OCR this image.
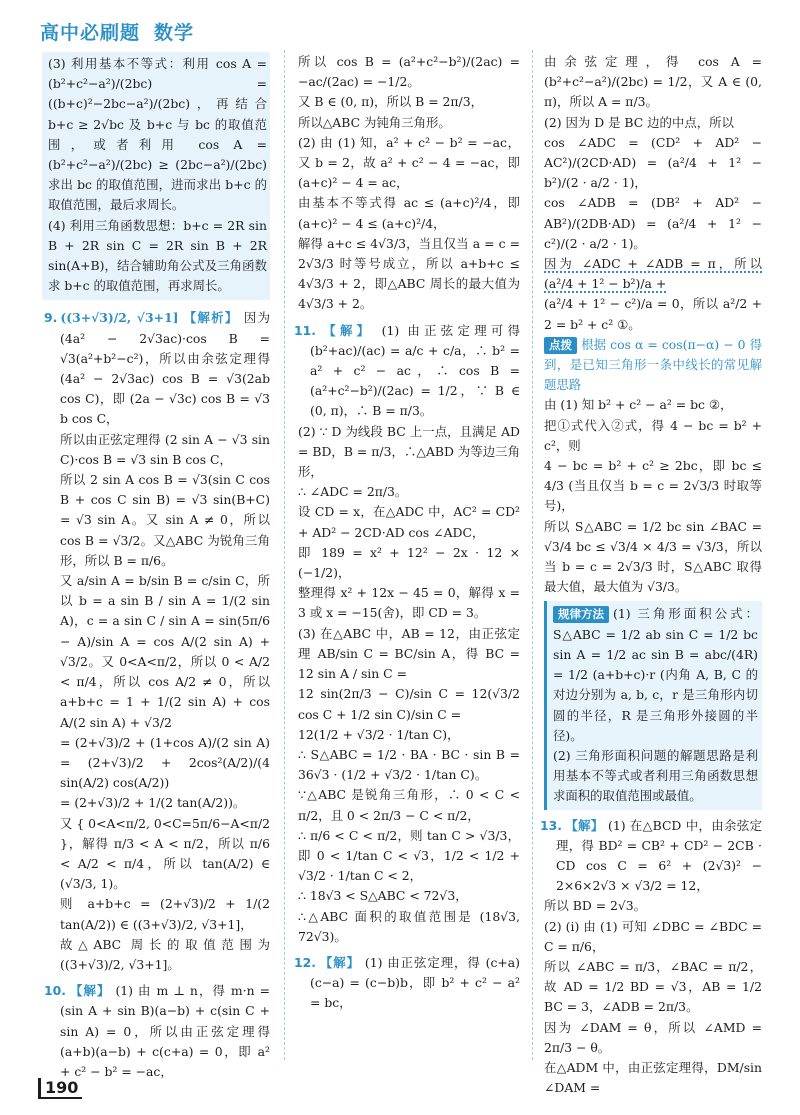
高中必刷题 数学

(3) 利用基本不等式：利用 cos A = (b²+c²−a²)/(2bc) = ((b+c)²−2bc−a²)/(2bc)，再结合 b+c ≥ 2√bc 及 b+c 与 bc 的取值范围，或者利用 cos A = (b²+c²−a²)/(2bc) ≥ (2bc−a²)/(2bc) 求出 bc 的取值范围，进而求出 b+c 的取值范围，最后求周长。

(4) 利用三角函数思想：b+c = 2R sin B + 2R sin C = 2R sin B + 2R sin(A+B)，结合辅助角公式及三角函数求 b+c 的取值范围，再求周长。

9. ((3+√3)/2, √3+1] 【解析】 因为 (4a² − 2√3ac)·cos B = √3(a²+b²−c²)，所以由余弦定理得 (4a² − 2√3ac) cos B = √3(2ab cos C)，即 (2a − √3c) cos B = √3 b cos C，

所以由正弦定理得 (2 sin A − √3 sin C)·cos B = √3 sin B cos C，

所以 2 sin A cos B = √3(sin C cos B + cos C sin B) = √3 sin(B+C) = √3 sin A。又 sin A ≠ 0，所以 cos B = √3/2。又△ABC 为锐角三角形，所以 B = π/6。

又 a/sin A = b/sin B = c/sin C，所以 b = a sin B / sin A = 1/(2 sin A)，c = a sin C / sin A = sin(5π/6 − A)/sin A = cos A/(2 sin A) + √3/2。又 0<A<π/2，所以 0 < A/2 < π/4，所以 cos A/2 ≠ 0，所以 a+b+c = 1 + 1/(2 sin A) + cos A/(2 sin A) + √3/2

= (2+√3)/2 + (1+cos A)/(2 sin A) = (2+√3)/2 + 2cos²(A/2)/(4 sin(A/2) cos(A/2))

= (2+√3)/2 + 1/(2 tan(A/2))。

又 { 0<A<π/2, 0<C=5π/6−A<π/2 }，解得 π/3 < A < π/2，所以 π/6 < A/2 < π/4，所以 tan(A/2) ∈ (√3/3, 1)。

则 a+b+c = (2+√3)/2 + 1/(2 tan(A/2)) ∈ ((3+√3)/2, √3+1]，

故△ABC 周长的取值范围为 ((3+√3)/2, √3+1]。

10. 【解】 (1) 由 m ⊥ n，得 m·n = (sin A + sin B)(a−b) + c(sin C + sin A) = 0，所以由正弦定理得 (a+b)(a−b) + c(c+a) = 0，即 a² + c² − b² = −ac，

所以 cos B = (a²+c²−b²)/(2ac) = −ac/(2ac) = −1/2。

又 B ∈ (0, π)，所以 B = 2π/3，

所以△ABC 为钝角三角形。

(2) 由 (1) 知，a² + c² − b² = −ac，又 b = 2，故 a² + c² − 4 = −ac，即 (a+c)² − 4 = ac，

由基本不等式得 ac ≤ (a+c)²/4，即 (a+c)² − 4 ≤ (a+c)²/4，

解得 a+c ≤ 4√3/3，当且仅当 a = c = 2√3/3 时等号成立，所以 a+b+c ≤ 4√3/3 + 2，即△ABC 周长的最大值为 4√3/3 + 2。

11. 【解】 (1) 由正弦定理可得 (b²+ac)/(ac) = a/c + c/a，∴ b² = a² + c² − ac，∴ cos B = (a²+c²−b²)/(2ac) = 1/2，∵ B ∈ (0, π)，∴ B = π/3。

(2) ∵ D 为线段 BC 上一点，且满足 AD = BD，B = π/3，∴△ABD 为等边三角形，

∴ ∠ADC = 2π/3。

设 CD = x，在△ADC 中，AC² = CD² + AD² − 2CD·AD cos ∠ADC，

即 189 = x² + 12² − 2x · 12 × (−1/2)，

整理得 x² + 12x − 45 = 0，解得 x = 3 或 x = −15(舍)，即 CD = 3。

(3) 在△ABC 中，AB = 12，由正弦定理 AB/sin C = BC/sin A，得 BC = 12 sin A / sin C =

12 sin(2π/3 − C)/sin C = 12(√3/2 cos C + 1/2 sin C)/sin C =

12(1/2 + √3/2 · 1/tan C)，

∴ S△ABC = 1/2 · BA · BC · sin B = 36√3 · (1/2 + √3/2 · 1/tan C)。

∵△ABC 是锐角三角形，∴ 0 < C < π/2，且 0 < 2π/3 − C < π/2，

∴ π/6 < C < π/2，则 tan C > √3/3，即 0 < 1/tan C < √3，1/2 < 1/2 + √3/2 · 1/tan C < 2，

∴ 18√3 < S△ABC < 72√3，

∴△ABC 面积的取值范围是 (18√3, 72√3)。

12. 【解】 (1) 由正弦定理，得 (c+a)(c−a) = (c−b)b，即 b² + c² − a² = bc，

由余弦定理，得 cos A = (b²+c²−a²)/(2bc) = 1/2，又 A ∈ (0, π)，所以 A = π/3。

(2) 因为 D 是 BC 边的中点，所以

cos ∠ADC = (CD² + AD² − AC²)/(2CD·AD) = (a²/4 + 1² − b²)/(2 · a/2 · 1)，

cos ∠ADB = (DB² + AD² − AB²)/(2DB·AD) = (a²/4 + 1² − c²)/(2 · a/2 · 1)。

因为 ∠ADC + ∠ADB = π，所以 (a²/4 + 1² − b²)/a +

(a²/4 + 1² − c²)/a = 0，所以 a²/2 + 2 = b² + c² ①。

点拨 根据 cos α = cos(π−α) − 0 得到，是已知三角形一条中线长的常见解题思路

由 (1) 知 b² + c² − a² = bc ②，

把①式代入②式，得 4 − bc = b² + c²，则

4 − bc = b² + c² ≥ 2bc，即 bc ≤ 4/3 (当且仅当 b = c = 2√3/3 时取等号)，

所以 S△ABC = 1/2 bc sin ∠BAC = √3/4 bc ≤ √3/4 × 4/3 = √3/3，所以当 b = c = 2√3/3 时，S△ABC 取得最大值，最大值为 √3/3。

规律方法 (1) 三角形面积公式：S△ABC = 1/2 ab sin C = 1/2 bc sin A = 1/2 ac sin B = abc/(4R) = 1/2 (a+b+c)·r (内角 A, B, C 的对边分别为 a, b, c，r 是三角形内切圆的半径，R 是三角形外接圆的半径)。

(2) 三角形面积问题的解题思路是利用基本不等式或者利用三角函数思想求面积的取值范围或最值。

13. 【解】 (1) 在△BCD 中，由余弦定理，得 BD² = CB² + CD² − 2CB · CD cos C = 6² + (2√3)² − 2×6×2√3 × √3/2 = 12，

所以 BD = 2√3。

(2) (i) 由 (1) 可知 ∠DBC = ∠BDC = C = π/6，

所以 ∠ABC = π/3，∠BAC = π/2，故 AD = 1/2 BD = √3，AB = 1/2 BC = 3，∠ADB = 2π/3。

因为 ∠DAM = θ，所以 ∠AMD = 2π/3 − θ。

在△ADM 中，由正弦定理得，DM/sin ∠DAM =

190
